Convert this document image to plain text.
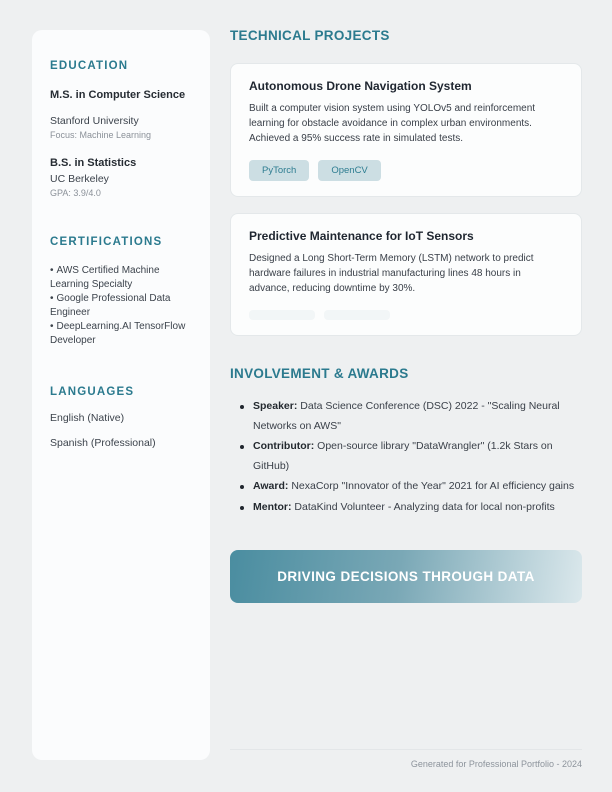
EDUCATION
M.S. in Computer Science
Stanford University
Focus: Machine Learning
B.S. in Statistics
UC Berkeley
GPA: 3.9/4.0
CERTIFICATIONS
• AWS Certified Machine Learning Specialty
• Google Professional Data Engineer
• DeepLearning.AI TensorFlow Developer
LANGUAGES
English (Native)
Spanish (Professional)
TECHNICAL PROJECTS
Autonomous Drone Navigation System

Built a computer vision system using YOLOv5 and reinforcement learning for obstacle avoidance in complex urban environments. Achieved a 95% success rate in simulated tests.

PyTorch	OpenCV
Predictive Maintenance for IoT Sensors

Designed a Long Short-Term Memory (LSTM) network to predict hardware failures in industrial manufacturing lines 48 hours in advance, reducing downtime by 30%.

INVOLVEMENT & AWARDS
Speaker: Data Science Conference (DSC) 2022 - "Scaling Neural Networks on AWS"
Contributor: Open-source library "DataWrangler" (1.2k Stars on GitHub)
Award: NexaCorp "Innovator of the Year" 2021 for AI efficiency gains
Mentor: DataKind Volunteer - Analyzing data for local non-profits
DRIVING DECISIONS THROUGH DATA
Generated for Professional Portfolio - 2024
